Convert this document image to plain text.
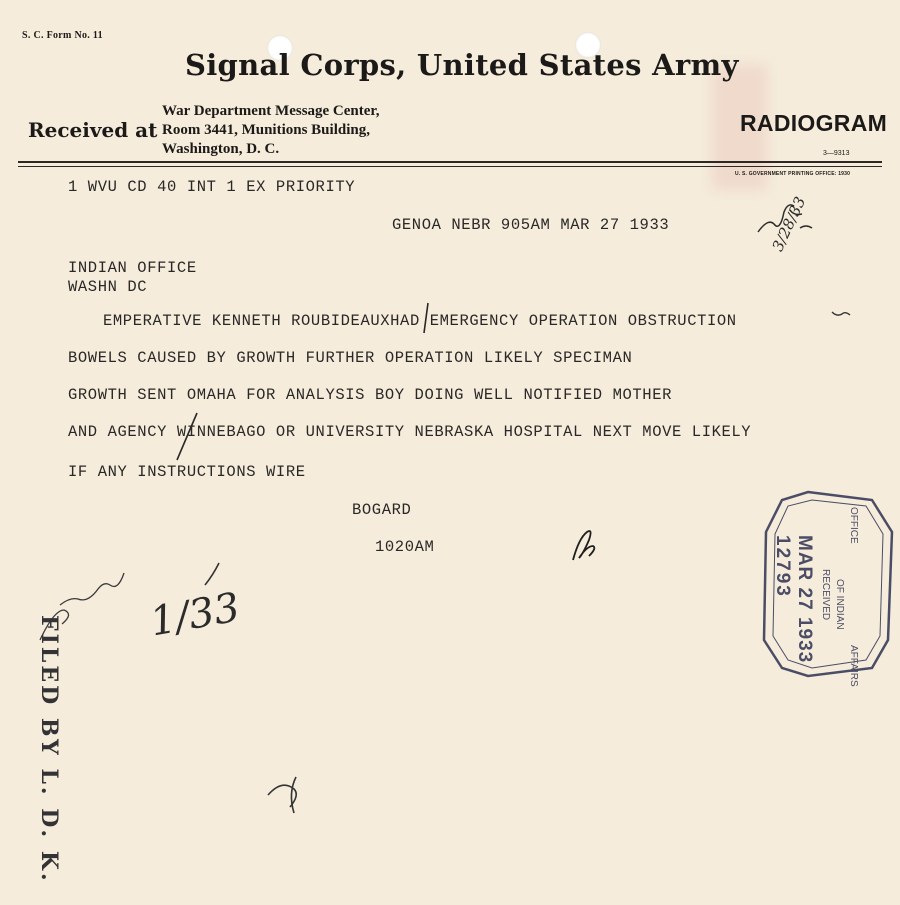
S. C. Form No. 11
Signal Corps, United States Army
Received at
War Department Message Center,
Room 3441, Munitions Building,
Washington, D. C.
RADIOGRAM
3—9313
U. S. GOVERNMENT PRINTING OFFICE: 1930
1 WVU CD 40 INT 1 EX PRIORITY
GENOA NEBR 905AM MAR 27 1933
INDIAN OFFICE
WASHN DC
EMPERATIVE KENNETH ROUBIDEAUXHAD EMERGENCY OPERATION OBSTRUCTION
BOWELS CAUSED BY GROWTH FURTHER OPERATION LIKELY SPECIMAN
GROWTH SENT OMAHA FOR ANALYSIS BOY DOING WELL NOTIFIED MOTHER
AND AGENCY WINNEBAGO OR UNIVERSITY NEBRASKA HOSPITAL NEXT MOVE LIKELY
IF ANY INSTRUCTIONS WIRE
BOGARD
1020AM
3/28/33
1/33
OFFICE
OF INDIAN
AFFAIRS
RECEIVED
MAR 27 1933
12793
FILED BY L. D. K.
